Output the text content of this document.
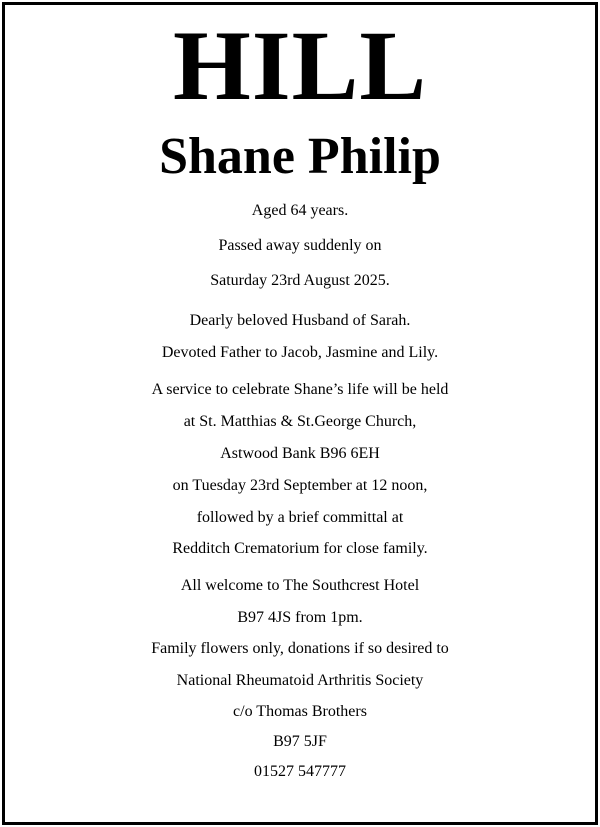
HILL
Shane Philip
Aged 64 years.
Passed away suddenly on
Saturday 23rd August 2025.
Dearly beloved Husband of Sarah.
Devoted Father to Jacob, Jasmine and Lily.
A service to celebrate Shane’s life will be held
at St. Matthias & St.George Church,
Astwood Bank B96 6EH
on Tuesday 23rd September at 12 noon,
followed by a brief committal at
Redditch Crematorium for close family.
All welcome to The Southcrest Hotel
B97 4JS from 1pm.
Family flowers only, donations if so desired to
National Rheumatoid Arthritis Society
c/o Thomas Brothers
B97 5JF
01527 547777
